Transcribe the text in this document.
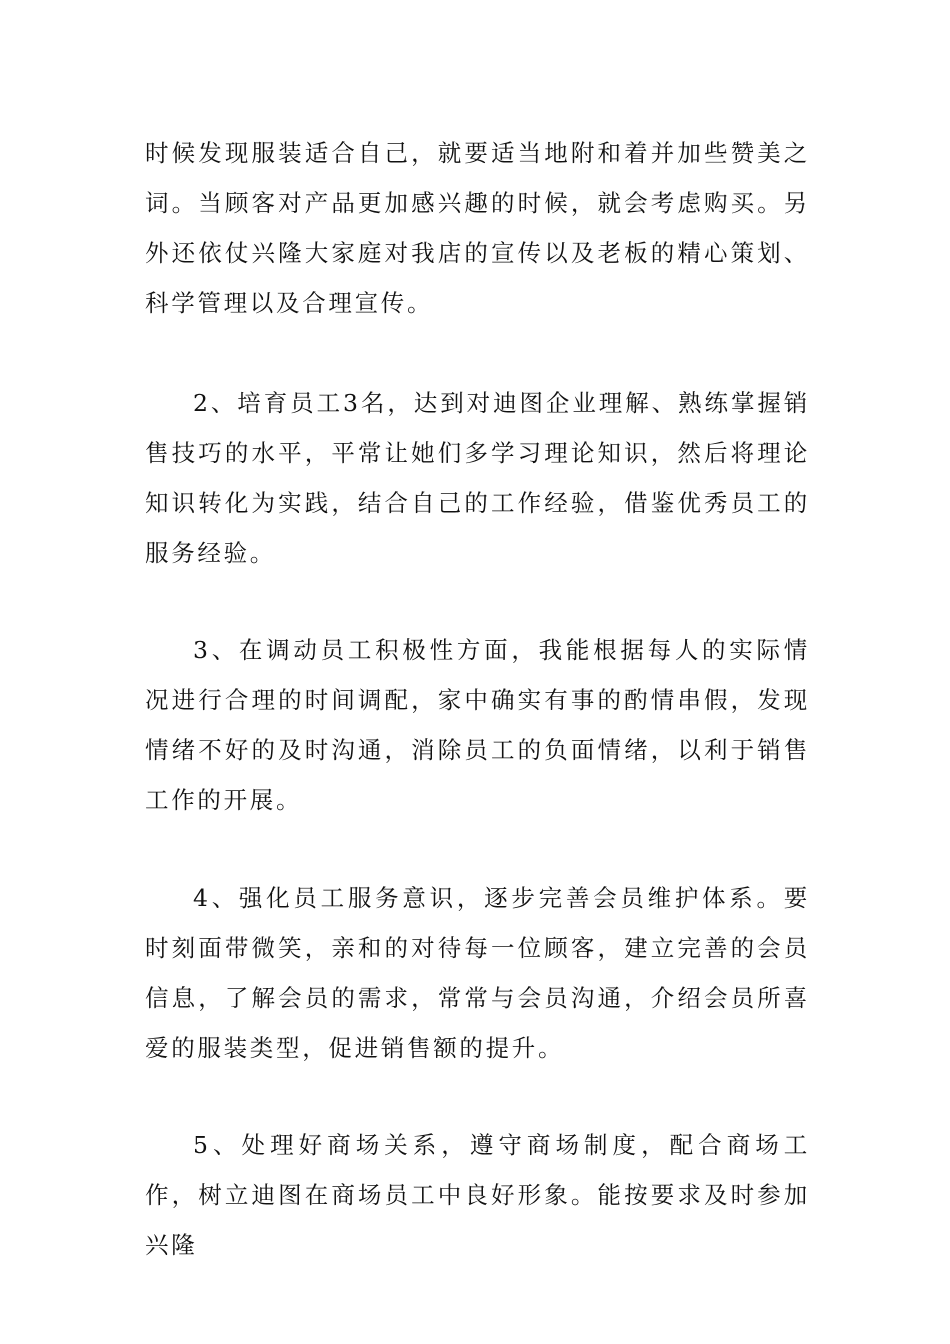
时候发现服装适合自己，就要适当地附和着并加些赞美之词。当顾客对产品更加感兴趣的时候，就会考虑购买。另外还依仗兴隆大家庭对我店的宣传以及老板的精心策划、科学管理以及合理宣传。

2、培育员工3名，达到对迪图企业理解、熟练掌握销售技巧的水平，平常让她们多学习理论知识，然后将理论知识转化为实践，结合自己的工作经验，借鉴优秀员工的服务经验。

3、在调动员工积极性方面，我能根据每人的实际情况进行合理的时间调配，家中确实有事的酌情串假，发现情绪不好的及时沟通，消除员工的负面情绪，以利于销售工作的开展。

4、强化员工服务意识，逐步完善会员维护体系。要时刻面带微笑，亲和的对待每一位顾客，建立完善的会员信息，了解会员的需求，常常与会员沟通，介绍会员所喜爱的服装类型，促进销售额的提升。

5、处理好商场关系，遵守商场制度，配合商场工作，树立迪图在商场员工中良好形象。能按要求及时参加兴隆
